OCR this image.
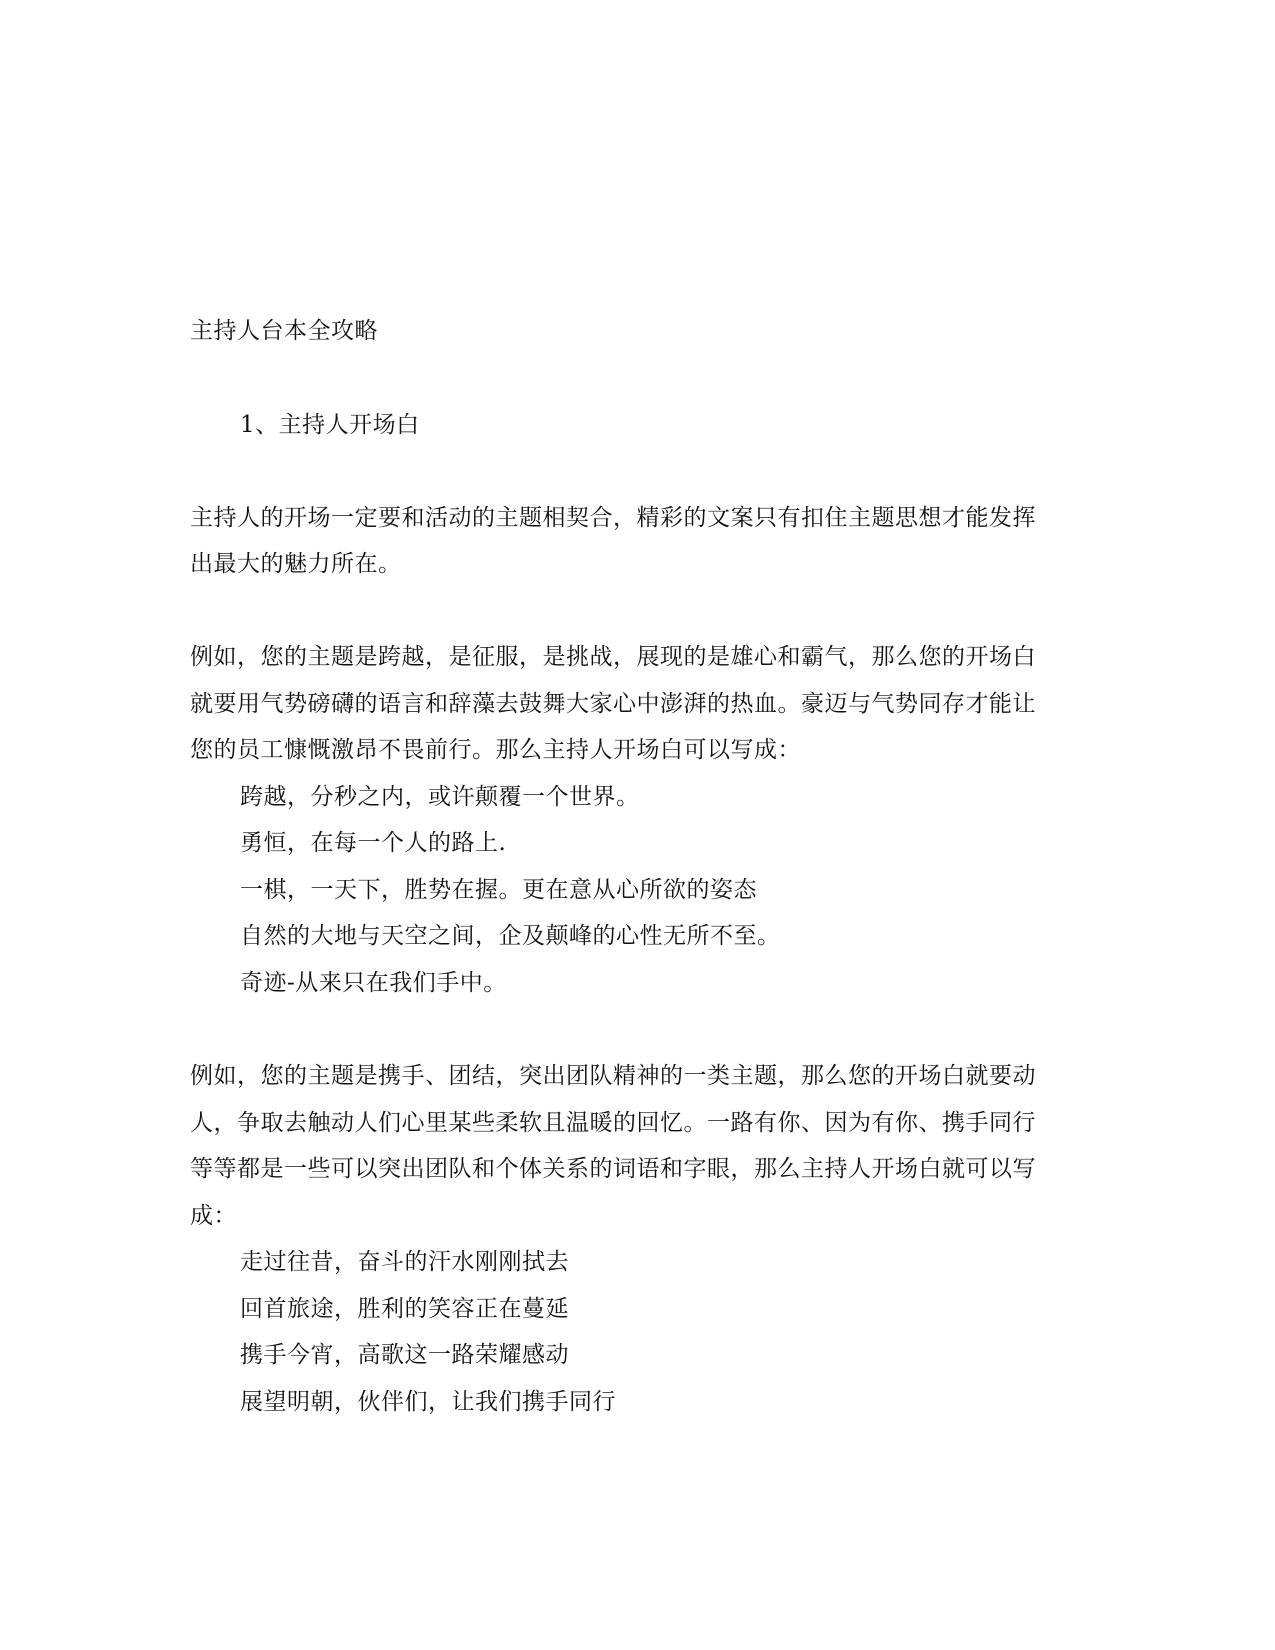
主持人台本全攻略
1、主持人开场白
主持人的开场一定要和活动的主题相契合，精彩的文案只有扣住主题思想才能发挥
出最大的魅力所在。
例如，您的主题是跨越，是征服，是挑战，展现的是雄心和霸气，那么您的开场白
就要用气势磅礴的语言和辞藻去鼓舞大家心中澎湃的热血。豪迈与气势同存才能让
您的员工慷慨激昂不畏前行。那么主持人开场白可以写成：
跨越，分秒之内，或许颠覆一个世界。
勇恒，在每一个人的路上.
一棋，一天下，胜势在握。更在意从心所欲的姿态
自然的大地与天空之间，企及颠峰的心性无所不至。
奇迹-从来只在我们手中。
例如，您的主题是携手、团结，突出团队精神的一类主题，那么您的开场白就要动
人，争取去触动人们心里某些柔软且温暖的回忆。一路有你、因为有你、携手同行
等等都是一些可以突出团队和个体关系的词语和字眼，那么主持人开场白就可以写
成：
走过往昔，奋斗的汗水刚刚拭去
回首旅途，胜利的笑容正在蔓延
携手今宵，高歌这一路荣耀感动
展望明朝，伙伴们，让我们携手同行
